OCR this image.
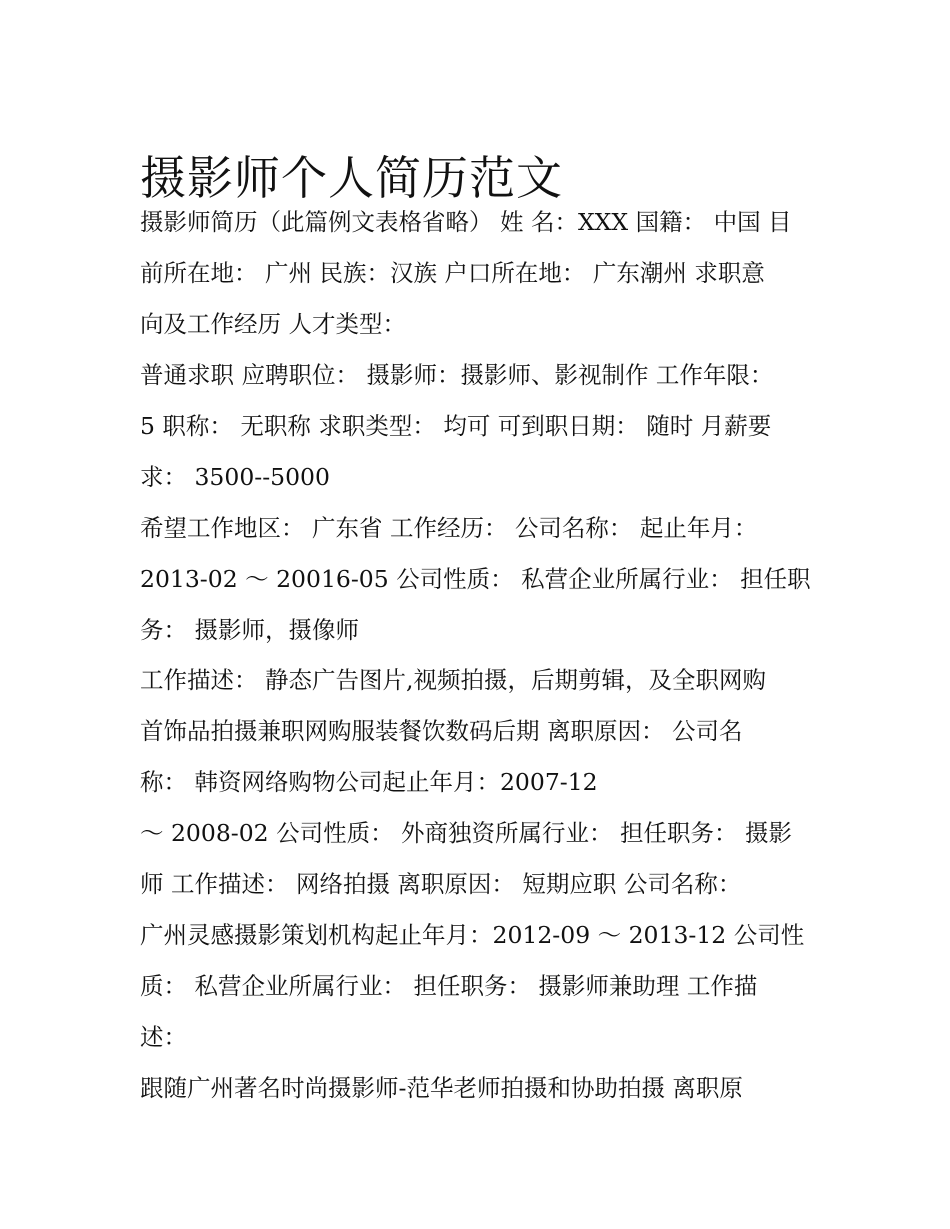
摄影师个人简历范文
摄影师简历（此篇例文表格省略） 姓 名：XXX 国籍： 中国 目
前所在地： 广州 民族：汉族 户口所在地： 广东潮州 求职意
向及工作经历 人才类型：
普通求职 应聘职位： 摄影师：摄影师、影视制作 工作年限：
5 职称： 无职称 求职类型： 均可 可到职日期： 随时 月薪要
求： 3500--5000
希望工作地区： 广东省 工作经历： 公司名称： 起止年月：
2013-02 ～ 20016-05 公司性质： 私营企业所属行业： 担任职
务： 摄影师，摄像师
工作描述： 静态广告图片,视频拍摄，后期剪辑，及全职网购
首饰品拍摄兼职网购服装餐饮数码后期 离职原因： 公司名
称： 韩资网络购物公司起止年月：2007-12
～ 2008-02 公司性质： 外商独资所属行业： 担任职务： 摄影
师 工作描述： 网络拍摄 离职原因： 短期应职 公司名称：
广州灵感摄影策划机构起止年月：2012-09 ～ 2013-12 公司性
质： 私营企业所属行业： 担任职务： 摄影师兼助理 工作描
述：
跟随广州著名时尚摄影师-范华老师拍摄和协助拍摄 离职原
